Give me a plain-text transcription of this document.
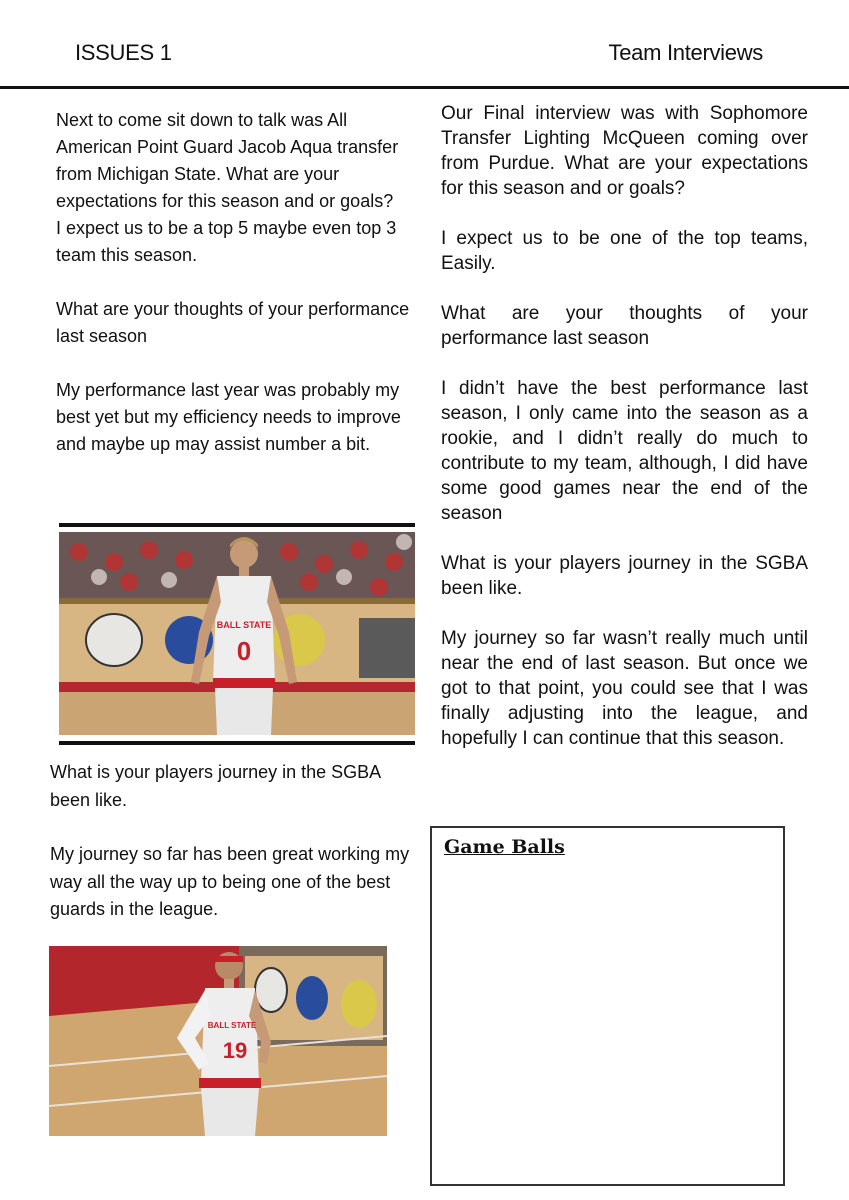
ISSUES 1	Team Interviews

Next to come sit down to talk was All American Point Guard Jacob Aqua transfer from Michigan State. What are your expectations for this season and or goals?

I expect us to be a top 5 maybe even top 3 team this season.

What are your thoughts of your performance last season

My performance last year was probably my best yet but my efficiency needs to improve and maybe up may assist number a bit.

BALL STATE
0

What is your players journey in the SGBA been like.

My journey so far has been great working my way all the way up to being one of the best guards in the league.

BALL STATE
19

Our Final interview was with Sophomore Transfer Lighting McQueen coming over from Purdue. What are your expectations for this season and or goals?

I expect us to be one of the top teams, Easily.

What are your thoughts of your performance last season

I didn’t have the best performance last season, I only came into the season as a rookie, and I didn’t really do much to contribute to my team, although, I did have some good games near the end of the season

What is your players journey in the SGBA been like.

My journey so far wasn’t really much until near the end of last season. But once we got to that point, you could see that I was finally adjusting into the league, and hopefully I can continue that this season.

Game Balls
